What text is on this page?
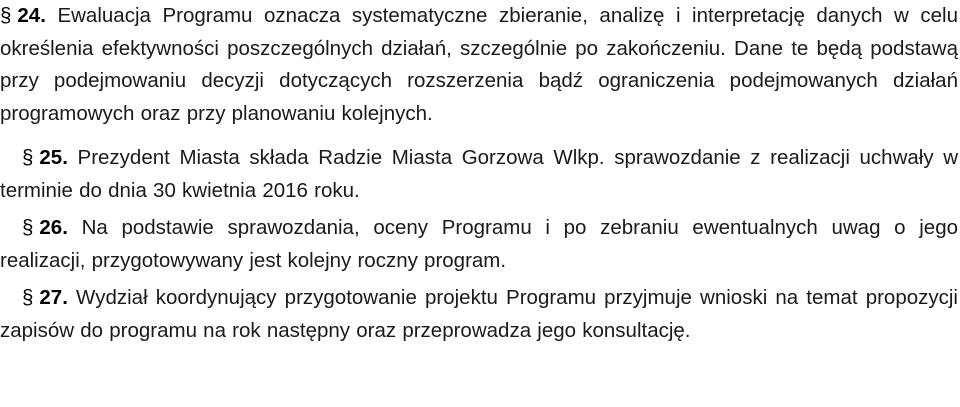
§ 24. Ewaluacja Programu oznacza systematyczne zbieranie, analizę i interpretację danych w celu określenia efektywności poszczególnych działań, szczególnie po zakończeniu. Dane te będą podstawą przy podejmowaniu decyzji dotyczących rozszerzenia bądź ograniczenia podejmowanych działań programowych oraz przy planowaniu kolejnych.

§ 25. Prezydent Miasta składa Radzie Miasta Gorzowa Wlkp. sprawozdanie z realizacji uchwały w terminie do dnia 30 kwietnia 2016 roku.

§ 26. Na podstawie sprawozdania, oceny Programu i po zebraniu ewentualnych uwag o jego realizacji, przygotowywany jest kolejny roczny program.

§ 27. Wydział koordynujący przygotowanie projektu Programu przyjmuje wnioski na temat propozycji zapisów do programu na rok następny oraz przeprowadza jego konsultację.
